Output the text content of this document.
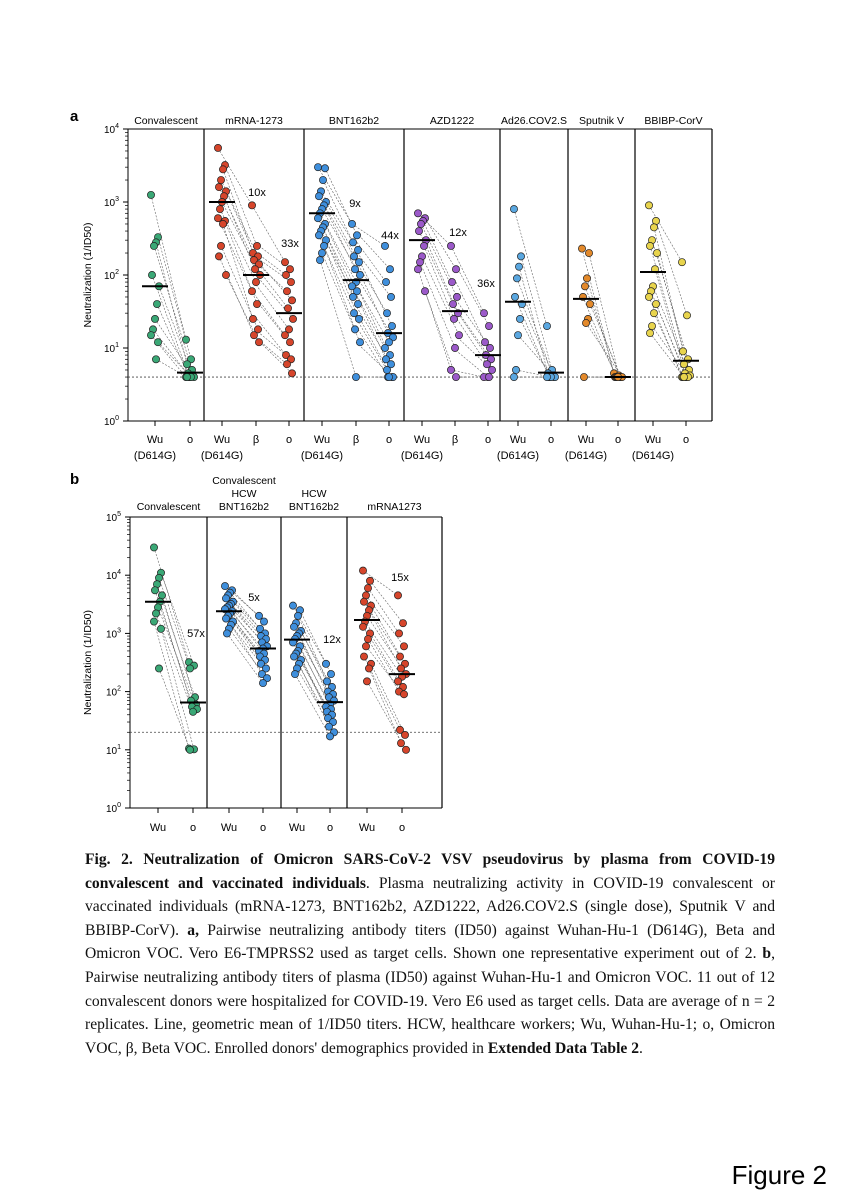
a
$10^0$
$10^1$
$10^2$
$10^3$
$10^4$
Neutralization (1/ID50)
Convalescent
Wu
(D614G)
o
mRNA-1273
10x
33x
Wu
(D614G)
β o
BNT162b2
9x
44x
Wu
(D614G)
β o
AZD1222
12x
36x
Wu
(D614G)
β o
Ad26.COV2.S
Wu
(D614G)
o
Sputnik V
Wu
(D614G)
o
BBIBP-CorV
Wu
(D614G)
o
b
$10^0$
$10^1$
$10^2$
$10^3$
$10^4$
$10^5$
Neutralization (1/ID50)
Convalescent
57x
Wu o
Convalescent
HCW
BNT162b2
5x
Wu o
HCW
BNT162b2
12x
Wu o
mRNA1273
15x
Wu o

Fig. 2. Neutralization of Omicron SARS-CoV-2 VSV pseudovirus by plasma from COVID-19 convalescent and vaccinated individuals. Plasma neutralizing activity in COVID-19 convalescent or vaccinated individuals (mRNA-1273, BNT162b2, AZD1222, Ad26.COV2.S (single dose), Sputnik V and BBIBP-CorV). a, Pairwise neutralizing antibody titers (ID50) against Wuhan-Hu-1 (D614G), Beta and Omicron VOC. Vero E6-TMPRSS2 used as target cells. Shown one representative experiment out of 2. b, Pairwise neutralizing antibody titers of plasma (ID50) against Wuhan-Hu-1 and Omicron VOC. 11 out of 12 convalescent donors were hospitalized for COVID-19. Vero E6 used as target cells. Data are average of n = 2 replicates. Line, geometric mean of 1/ID50 titers. HCW, healthcare workers; Wu, Wuhan-Hu-1; o, Omicron VOC, β, Beta VOC. Enrolled donors' demographics provided in Extended Data Table 2.

Figure 2
